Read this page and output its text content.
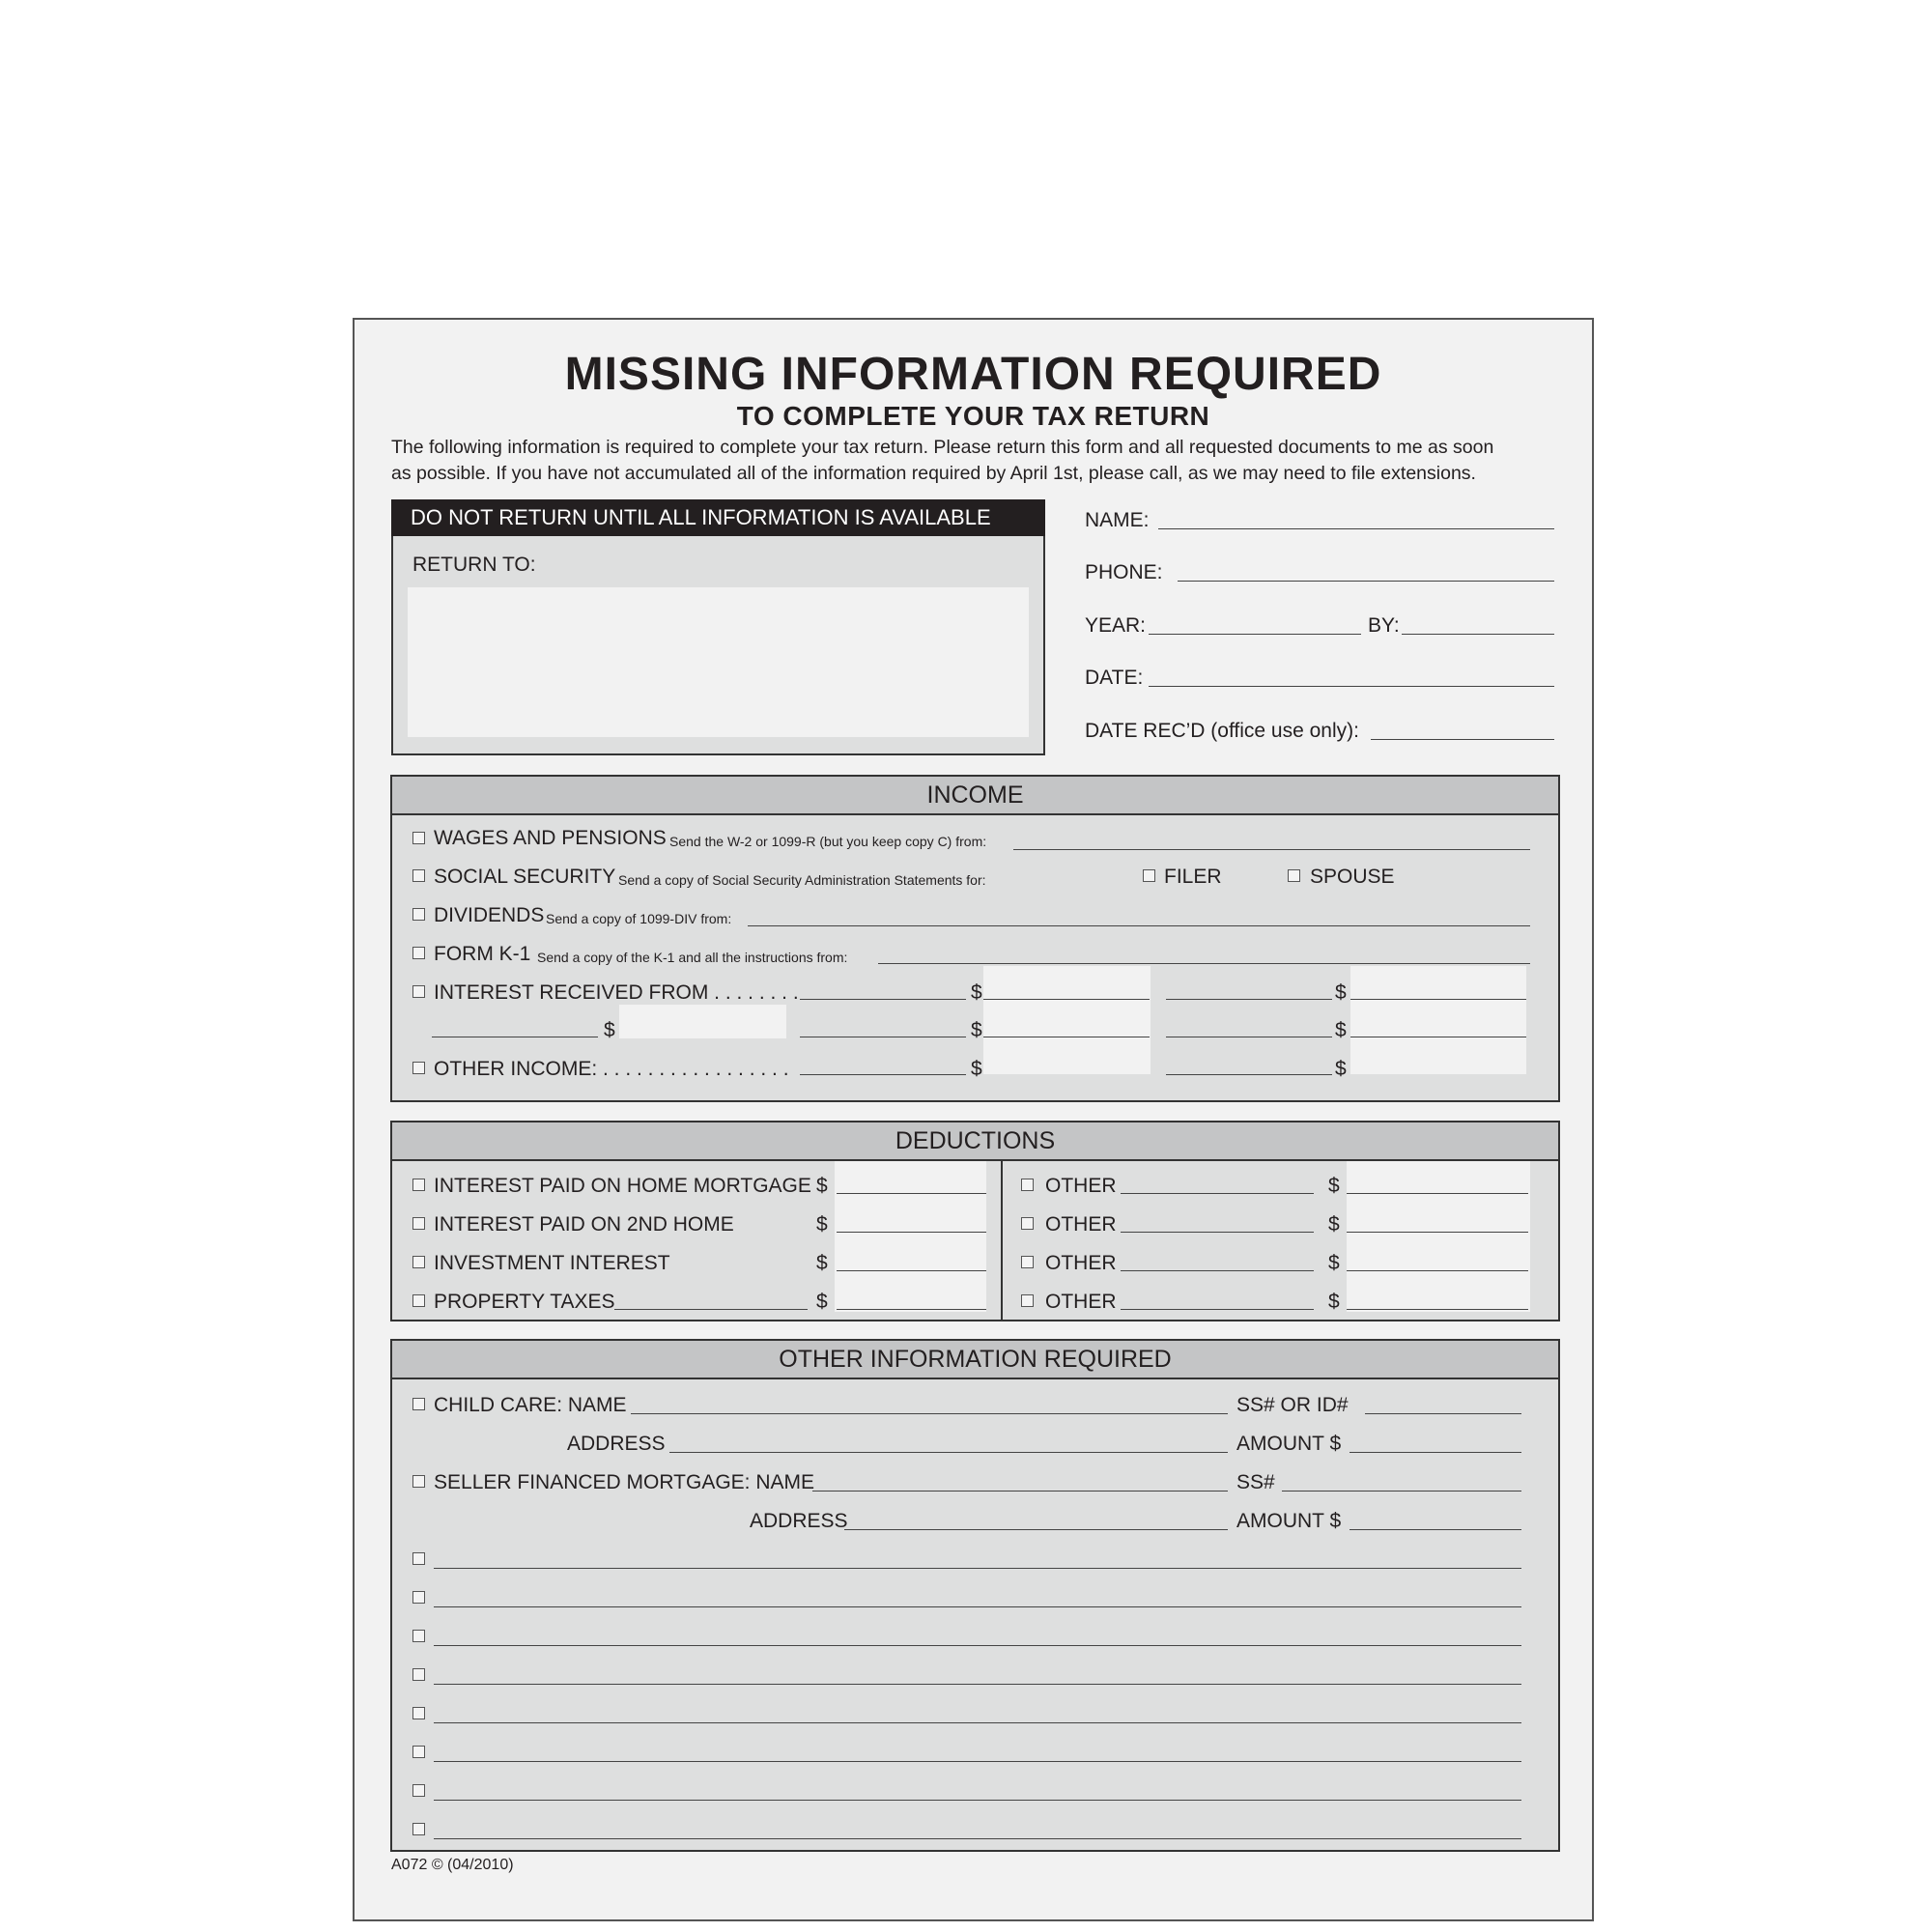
MISSING INFORMATION REQUIRED
TO COMPLETE YOUR TAX RETURN
The following information is required to complete your tax return. Please return this form and all requested documents to me as soon
as possible. If you have not accumulated all of the information required by April 1st, please call, as we may need to file extensions.
DO NOT RETURN UNTIL ALL INFORMATION IS AVAILABLE
RETURN TO:
NAME:
PHONE:
YEAR:	BY:
DATE:
DATE REC’D (office use only):
INCOME
WAGES AND PENSIONS Send the W-2 or 1099-R (but you keep copy C) from:
SOCIAL SECURITY Send a copy of Social Security Administration Statements for:	FILER	SPOUSE
DIVIDENDS Send a copy of 1099-DIV from:
FORM K-1 Send a copy of the K-1 and all the instructions from:
INTEREST RECEIVED FROM . . . . . . . .	$	$
$	$	$
OTHER INCOME: . . . . . . . . . . . . . . . . .	$	$
DEDUCTIONS
INTEREST PAID ON HOME MORTGAGE $
INTEREST PAID ON 2ND HOME	$
INVESTMENT INTEREST	$
PROPERTY TAXES	$
OTHER	$
OTHER	$
OTHER	$
OTHER	$
OTHER INFORMATION REQUIRED
CHILD CARE: NAME	SS# OR ID#
ADDRESS	AMOUNT $
SELLER FINANCED MORTGAGE: NAME	SS#
ADDRESS	AMOUNT $
A072 © (04/2010)
